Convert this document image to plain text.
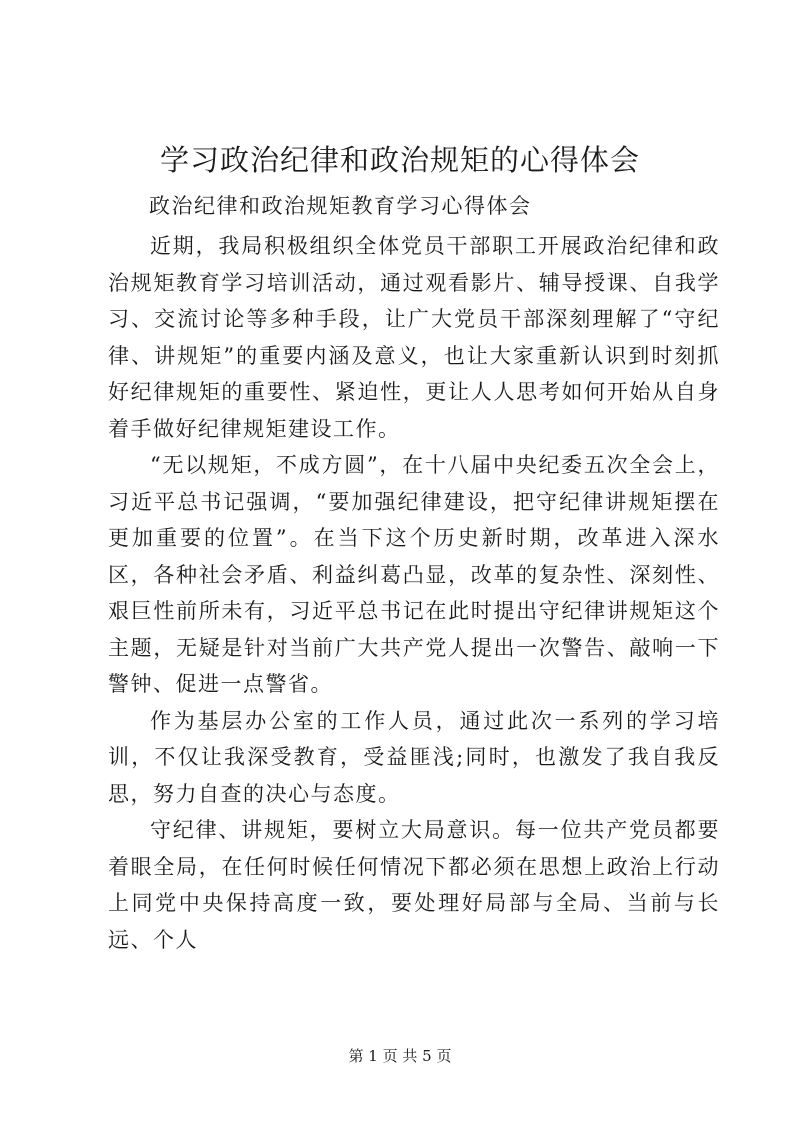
学习政治纪律和政治规矩的心得体会

政治纪律和政治规矩教育学习心得体会

近期，我局积极组织全体党员干部职工开展政治纪律和政治规矩教育学习培训活动，通过观看影片、辅导授课、自我学习、交流讨论等多种手段，让广大党员干部深刻理解了“守纪律、讲规矩”的重要内涵及意义，也让大家重新认识到时刻抓好纪律规矩的重要性、紧迫性，更让人人思考如何开始从自身着手做好纪律规矩建设工作。

“无以规矩，不成方圆”，在十八届中央纪委五次全会上，习近平总书记强调，“要加强纪律建设，把守纪律讲规矩摆在更加重要的位置”。在当下这个历史新时期，改革进入深水区，各种社会矛盾、利益纠葛凸显，改革的复杂性、深刻性、艰巨性前所未有，习近平总书记在此时提出守纪律讲规矩这个主题，无疑是针对当前广大共产党人提出一次警告、敲响一下警钟、促进一点警省。

作为基层办公室的工作人员，通过此次一系列的学习培训，不仅让我深受教育，受益匪浅;同时，也激发了我自我反思，努力自查的决心与态度。

守纪律、讲规矩，要树立大局意识。每一位共产党员都要着眼全局，在任何时候任何情况下都必须在思想上政治上行动上同党中央保持高度一致，要处理好局部与全局、当前与长远、个人

第 1 页 共 5 页
